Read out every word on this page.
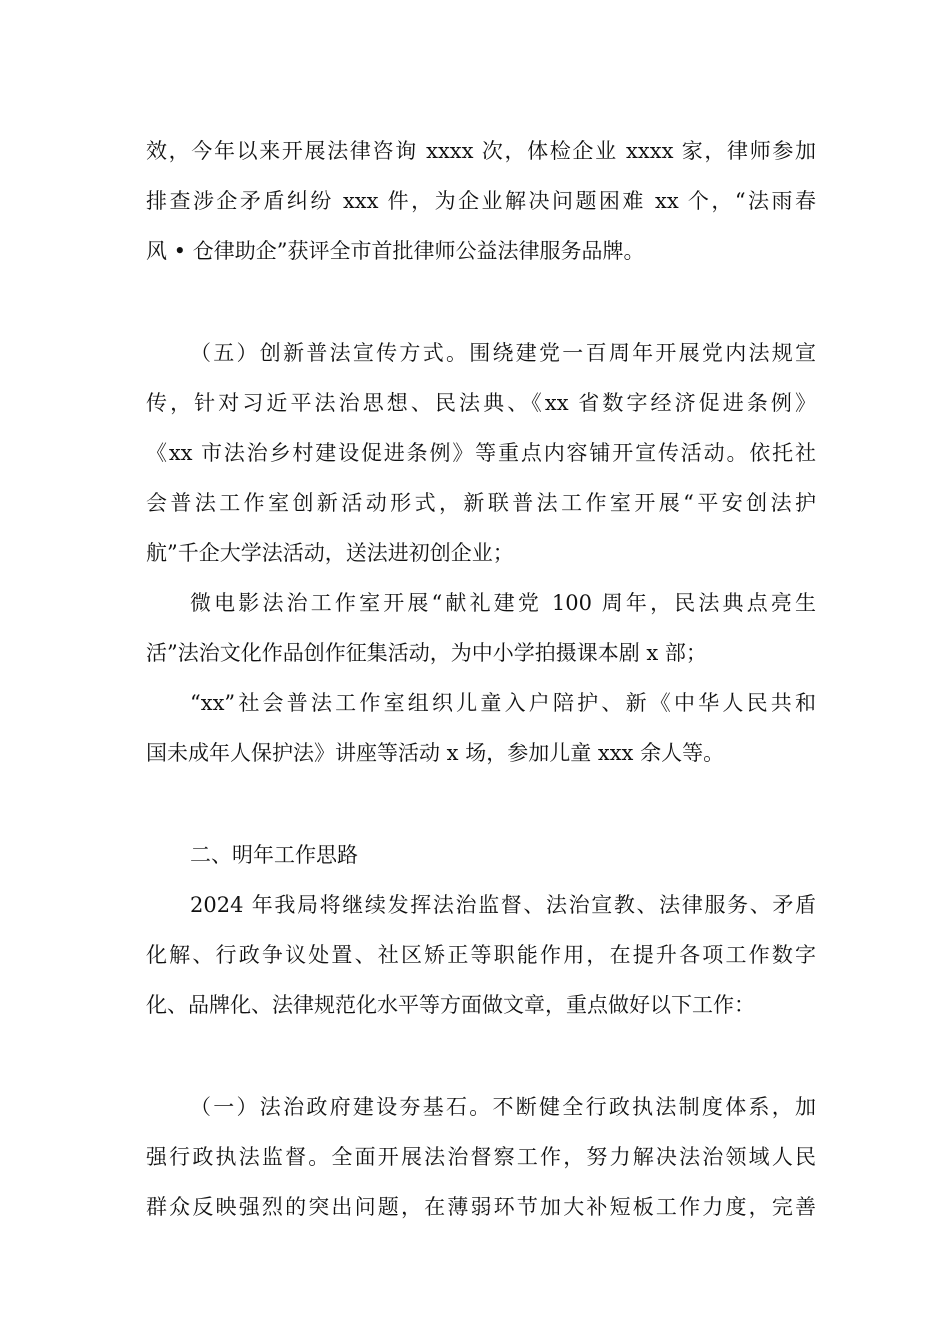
效，今年以来开展法律咨询 xxxx 次，体检企业 xxxx 家，律师参加
排查涉企矛盾纠纷 xxx 件，为企业解决问题困难 xx 个，“法雨春
风 • 仓律助企”获评全市首批律师公益法律服务品牌。
（五）创新普法宣传方式。围绕建党一百周年开展党内法规宣
传，针对习近平法治思想、民法典、《xx 省数字经济促进条例》
《xx 市法治乡村建设促进条例》等重点内容铺开宣传活动。依托社
会普法工作室创新活动形式，新联普法工作室开展“平安创法护
航”千企大学法活动，送法进初创企业；
微电影法治工作室开展“献礼建党 100 周年，民法典点亮生
活”法治文化作品创作征集活动，为中小学拍摄课本剧 x 部；
“xx”社会普法工作室组织儿童入户陪护、新《中华人民共和
国未成年人保护法》讲座等活动 x 场，参加儿童 xxx 余人等。
二、明年工作思路
2024 年我局将继续发挥法治监督、法治宣教、法律服务、矛盾
化解、行政争议处置、社区矫正等职能作用，在提升各项工作数字
化、品牌化、法律规范化水平等方面做文章，重点做好以下工作：
（一）法治政府建设夯基石。不断健全行政执法制度体系，加
强行政执法监督。全面开展法治督察工作，努力解决法治领域人民
群众反映强烈的突出问题，在薄弱环节加大补短板工作力度，完善
